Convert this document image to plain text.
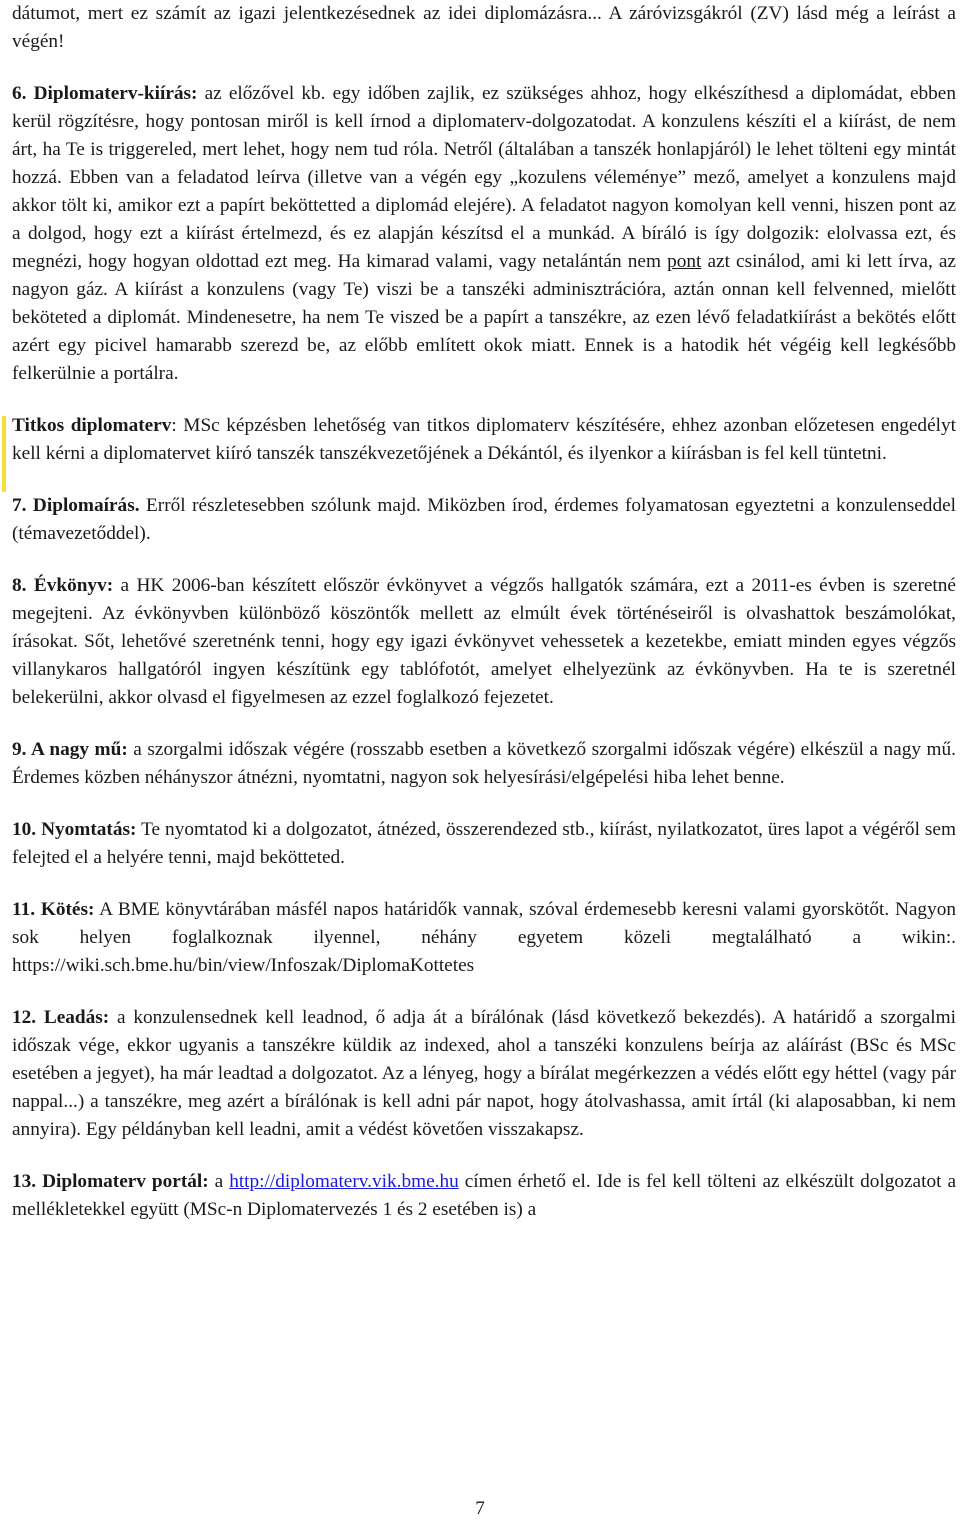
dátumot, mert ez számít az igazi jelentkezésednek az idei diplomázásra... A záróvizsgákról (ZV) lásd még a leírást a végén!

6. Diplomaterv-kiírás: az előzővel kb. egy időben zajlik, ez szükséges ahhoz, hogy elkészíthesd a diplomádat, ebben kerül rögzítésre, hogy pontosan miről is kell írnod a diplomaterv-dolgozatodat. A konzulens készíti el a kiírást, de nem árt, ha Te is triggereled, mert lehet, hogy nem tud róla. Netről (általában a tanszék honlapjáról) le lehet tölteni egy mintát hozzá. Ebben van a feladatod leírva (illetve van a végén egy „kozulens véleménye” mező, amelyet a konzulens majd akkor tölt ki, amikor ezt a papírt beköttetted a diplomád elejére). A feladatot nagyon komolyan kell venni, hiszen pont az a dolgod, hogy ezt a kiírást értelmezd, és ez alapján készítsd el a munkád. A bíráló is így dolgozik: elolvassa ezt, és megnézi, hogy hogyan oldottad ezt meg. Ha kimarad valami, vagy netalántán nem pont azt csinálod, ami ki lett írva, az nagyon gáz. A kiírást a konzulens (vagy Te) viszi be a tanszéki adminisztrációra, aztán onnan kell felvenned, mielőtt beköteted a diplomát. Mindenesetre, ha nem Te viszed be a papírt a tanszékre, az ezen lévő feladatkiírást a bekötés előtt azért egy picivel hamarabb szerezd be, az előbb említett okok miatt. Ennek is a hatodik hét végéig kell legkésőbb felkerülnie a portálra.

Titkos diplomaterv: MSc képzésben lehetőség van titkos diplomaterv készítésére, ehhez azonban előzetesen engedélyt kell kérni a diplomatervet kiíró tanszék tanszékvezetőjének a Dékántól, és ilyenkor a kiírásban is fel kell tüntetni.

7. Diplomaírás. Erről részletesebben szólunk majd. Miközben írod, érdemes folyamatosan egyeztetni a konzulenseddel (témavezetőddel).

8. Évkönyv: a HK 2006-ban készített először évkönyvet a végzős hallgatók számára, ezt a 2011-es évben is szeretné megejteni. Az évkönyvben különböző köszöntők mellett az elmúlt évek történéseiről is olvashattok beszámolókat, írásokat. Sőt, lehetővé szeretnénk tenni, hogy egy igazi évkönyvet vehessetek a kezetekbe, emiatt minden egyes végzős villanykaros hallgatóról ingyen készítünk egy tablófotót, amelyet elhelyezünk az évkönyvben. Ha te is szeretnél belekerülni, akkor olvasd el figyelmesen az ezzel foglalkozó fejezetet.

9. A nagy mű: a szorgalmi időszak végére (rosszabb esetben a következő szorgalmi időszak végére) elkészül a nagy mű. Érdemes közben néhányszor átnézni, nyomtatni, nagyon sok helyesírási/elgépelési hiba lehet benne.

10. Nyomtatás: Te nyomtatod ki a dolgozatot, átnézed, összerendezed stb., kiírást, nyilatkozatot, üres lapot a végéről sem felejted el a helyére tenni, majd bekötteted.

11. Kötés: A BME könyvtárában másfél napos határidők vannak, szóval érdemesebb keresni valami gyorskötőt. Nagyon sok helyen foglalkoznak ilyennel, néhány egyetem közeli megtalálható a wikin:. https://wiki.sch.bme.hu/bin/view/Infoszak/DiplomaKottetes

12. Leadás: a konzulensednek kell leadnod, ő adja át a bírálónak (lásd következő bekezdés). A határidő a szorgalmi időszak vége, ekkor ugyanis a tanszékre küldik az indexed, ahol a tanszéki konzulens beírja az aláírást (BSc és MSc esetében a jegyet), ha már leadtad a dolgozatot. Az a lényeg, hogy a bírálat megérkezzen a védés előtt egy héttel (vagy pár nappal...) a tanszékre, meg azért a bírálónak is kell adni pár napot, hogy átolvashassa, amit írtál (ki alaposabban, ki nem annyira). Egy példányban kell leadni, amit a védést követően visszakapsz.

13. Diplomaterv portál: a http://diplomaterv.vik.bme.hu címen érhető el. Ide is fel kell tölteni az elkészült dolgozatot a mellékletekkel együtt (MSc-n Diplomatervezés 1 és 2 esetében is) a

7
